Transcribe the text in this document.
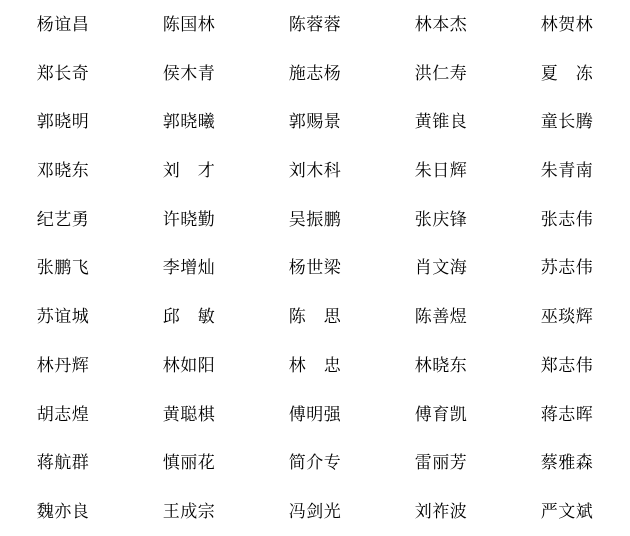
杨谊昌	陈国林	陈蓉蓉	林本杰	林贺林
郑长奇	侯木青	施志杨	洪仁寿	夏　冻
郭晓明	郭晓曦	郭赐景	黄锥良	童长腾
邓晓东	刘　才	刘木科	朱日辉	朱青南
纪艺勇	许晓勤	吴振鹏	张庆锋	张志伟
张鹏飞	李增灿	杨世梁	肖文海	苏志伟
苏谊城	邱　敏	陈　思	陈善煜	巫琰辉
林丹辉	林如阳	林　忠	林晓东	郑志伟
胡志煌	黄聪棋	傅明强	傅育凯	蒋志晖
蒋航群	慎丽花	简介专	雷丽芳	蔡雅森
魏亦良	王成宗	冯剑光	刘祚波	严文斌
